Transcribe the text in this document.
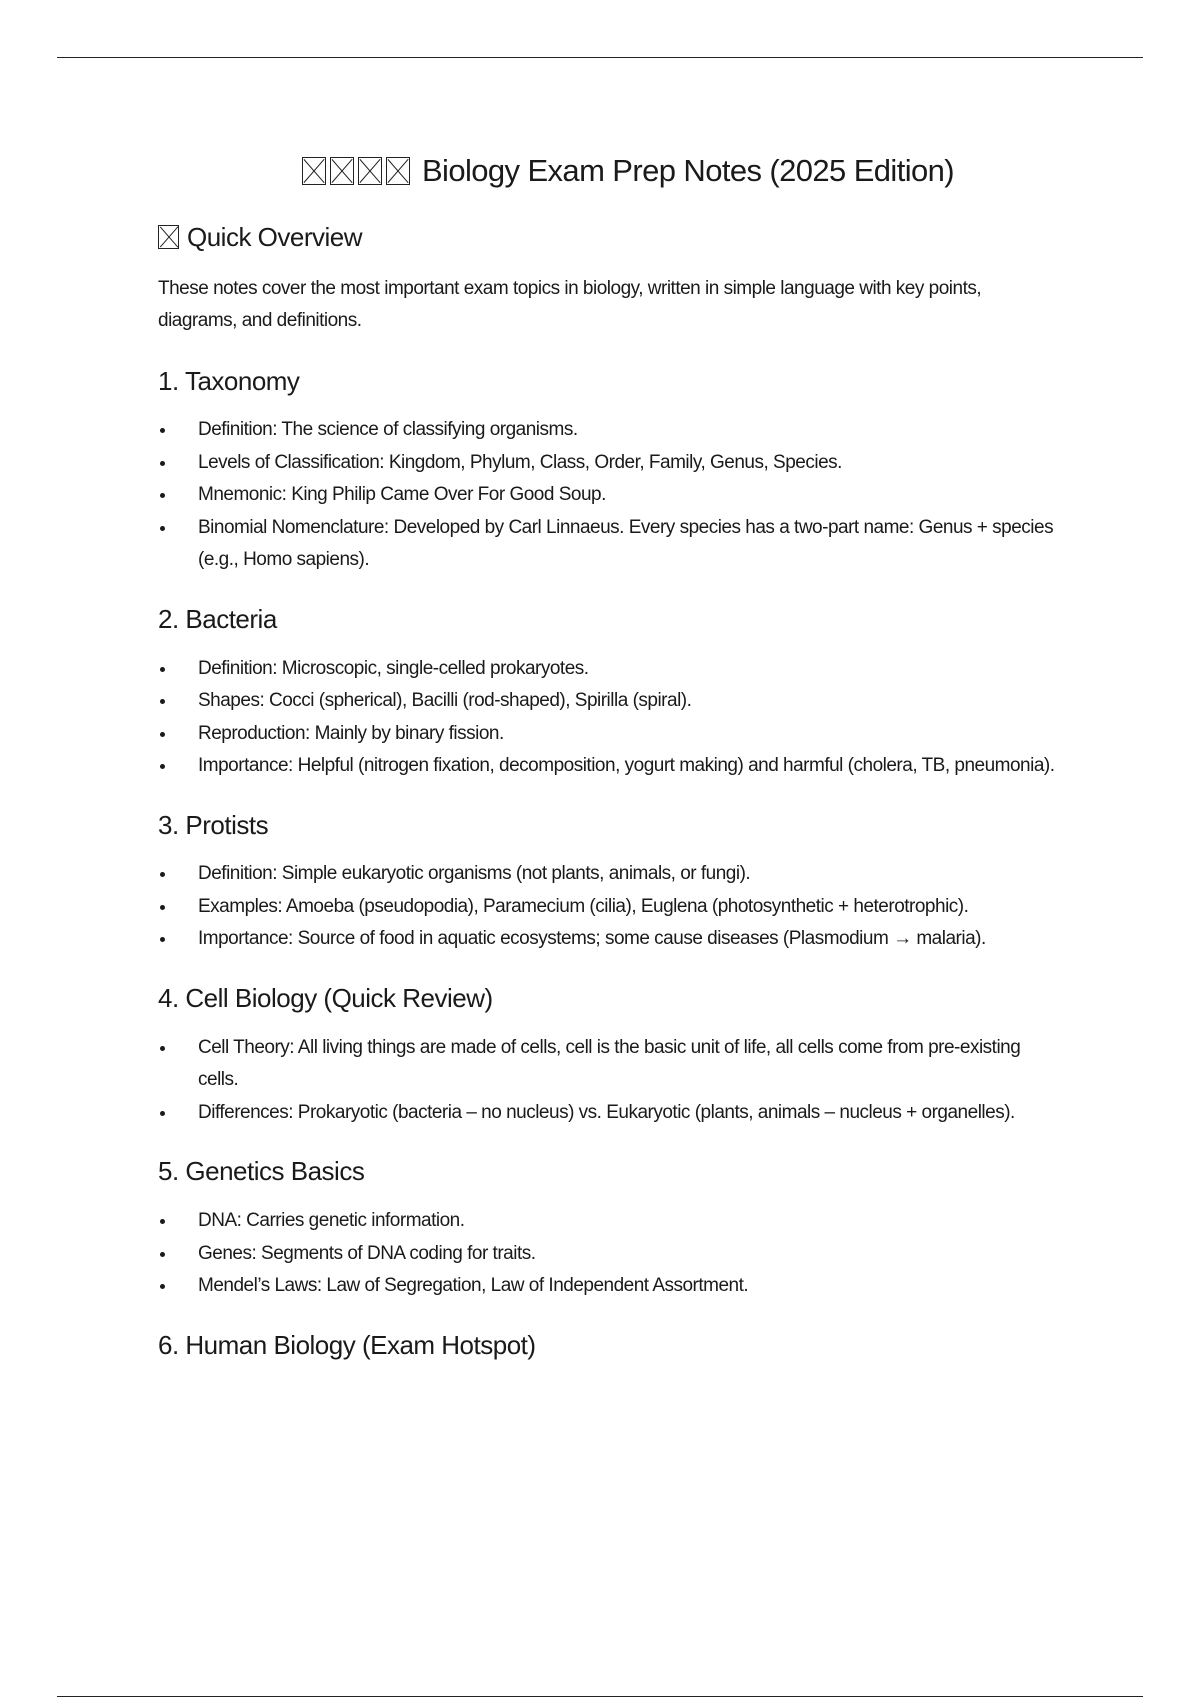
Biology Exam Prep Notes (2025 Edition)
Quick Overview

These notes cover the most important exam topics in biology, written in simple language with key points, diagrams, and definitions.

1. Taxonomy
Definition: The science of classifying organisms.
Levels of Classification: Kingdom, Phylum, Class, Order, Family, Genus, Species.
Mnemonic: King Philip Came Over For Good Soup.
Binomial Nomenclature: Developed by Carl Linnaeus. Every species has a two-part name: Genus + species (e.g., Homo sapiens).
2. Bacteria
Definition: Microscopic, single-celled prokaryotes.
Shapes: Cocci (spherical), Bacilli (rod-shaped), Spirilla (spiral).
Reproduction: Mainly by binary fission.
Importance: Helpful (nitrogen fixation, decomposition, yogurt making) and harmful (cholera, TB, pneumonia).
3. Protists
Definition: Simple eukaryotic organisms (not plants, animals, or fungi).
Examples: Amoeba (pseudopodia), Paramecium (cilia), Euglena (photosynthetic + heterotrophic).
Importance: Source of food in aquatic ecosystems; some cause diseases (Plasmodium → malaria).
4. Cell Biology (Quick Review)
Cell Theory: All living things are made of cells, cell is the basic unit of life, all cells come from pre-existing cells.
Differences: Prokaryotic (bacteria – no nucleus) vs. Eukaryotic (plants, animals – nucleus + organelles).
5. Genetics Basics
DNA: Carries genetic information.
Genes: Segments of DNA coding for traits.
Mendel’s Laws: Law of Segregation, Law of Independent Assortment.
6. Human Biology (Exam Hotspot)
